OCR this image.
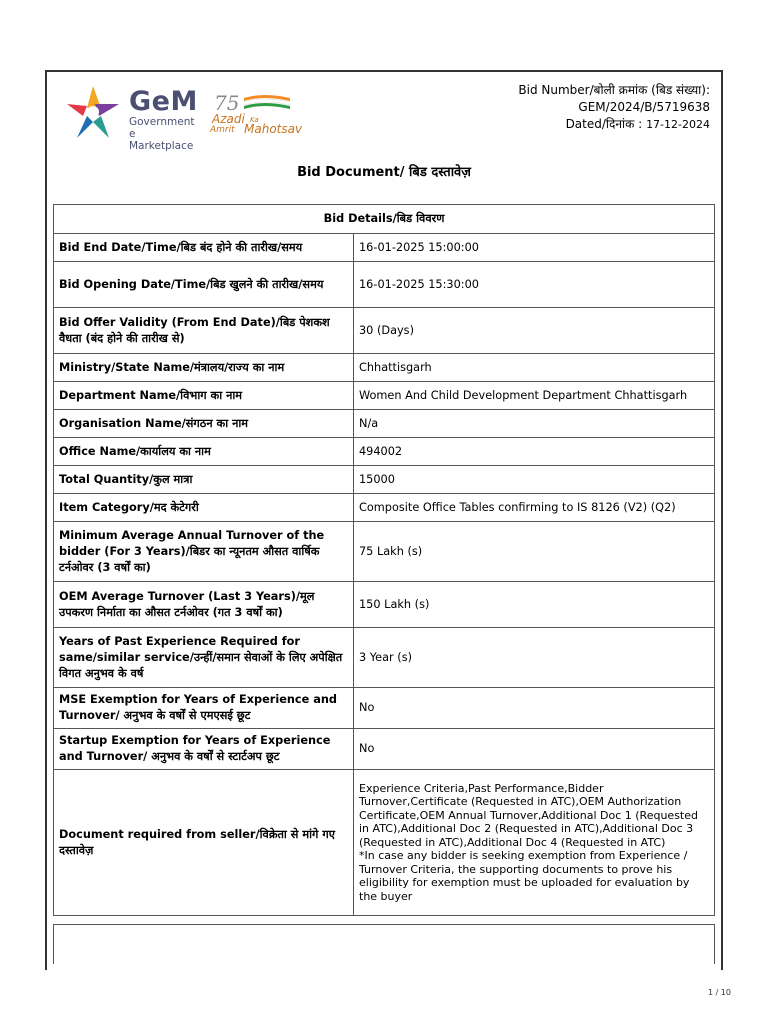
GeM
Government
e Marketplace
75
Azadi Ka
Amrit Mahotsav
Bid Number/बोली क्रमांक (बिड संख्या):
GEM/2024/B/5719638
Dated/दिनांक : 17-12-2024
Bid Document/ बिड दस्तावेज़
Bid Details/बिड विवरण	
Bid End Date/Time/बिड बंद होने की तारीख/समय	16-01-2025 15:00:00
Bid Opening Date/Time/बिड खुलने की तारीख/समय	16-01-2025 15:30:00
Bid Offer Validity (From End Date)/बिड पेशकश वैधता (बंद होने की तारीख से)	30 (Days)
Ministry/State Name/मंत्रालय/राज्य का नाम	Chhattisgarh
Department Name/विभाग का नाम	Women And Child Development Department Chhattisgarh
Organisation Name/संगठन का नाम	N/a
Office Name/कार्यालय का नाम	494002
Total Quantity/कुल मात्रा	15000
Item Category/मद केटेगरी	Composite Office Tables confirming to IS 8126 (V2) (Q2)
Minimum Average Annual Turnover of the bidder (For 3 Years)/बिडर का न्यूनतम औसत वार्षिक टर्नओवर (3 वर्षों का)	75 Lakh (s)
OEM Average Turnover (Last 3 Years)/मूल उपकरण निर्माता का औसत टर्नओवर (गत 3 वर्षों का)	150 Lakh (s)
Years of Past Experience Required for same/similar service/उन्हीं/समान सेवाओं के लिए अपेक्षित विगत अनुभव के वर्ष	3 Year (s)
MSE Exemption for Years of Experience and Turnover/ अनुभव के वर्षों से एमएसई छूट	No
Startup Exemption for Years of Experience and Turnover/ अनुभव के वर्षों से स्टार्टअप छूट	No
Document required from seller/विक्रेता से मांगे गए दस्तावेज़	Experience Criteria,Past Performance,Bidder Turnover,Certificate (Requested in ATC),OEM Authorization Certificate,OEM Annual Turnover,Additional Doc 1 (Requested in ATC),Additional Doc 2 (Requested in ATC),Additional Doc 3 (Requested in ATC),Additional Doc 4 (Requested in ATC)
*In case any bidder is seeking exemption from Experience / Turnover Criteria, the supporting documents to prove his eligibility for exemption must be uploaded for evaluation by the buyer
1 / 10
